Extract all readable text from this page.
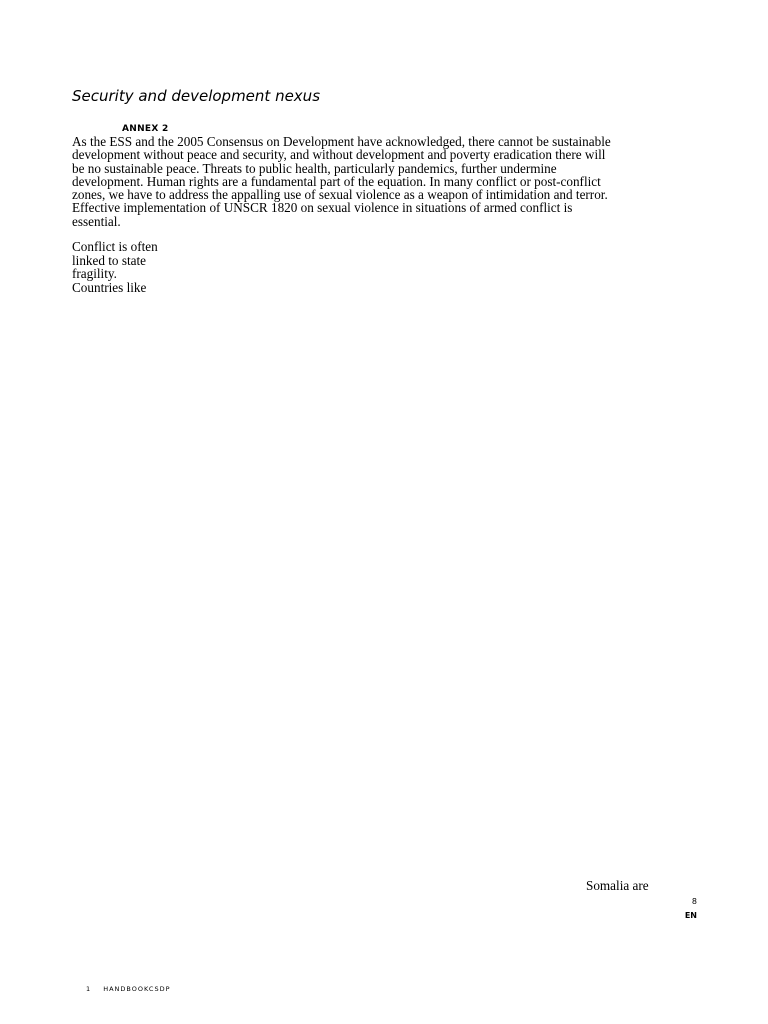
Security and development nexus
ANNEX 2
As the ESS and the 2005 Consensus on Development have acknowledged, there cannot be sustainable
development without peace and security, and without development and poverty eradication there will
be no sustainable peace. Threats to public health, particularly pandemics, further undermine
development. Human rights are a fundamental part of the equation. In many conflict or post-conflict
zones, we have to address the appalling use of sexual violence as a weapon of intimidation and terror.
Effective implementation of UNSCR 1820 on sexual violence in situations of armed conflict is
essential.
Conflict is often
linked to state
fragility.
Countries like
Somalia are
8
EN
1 HANDBOOKCSDP
